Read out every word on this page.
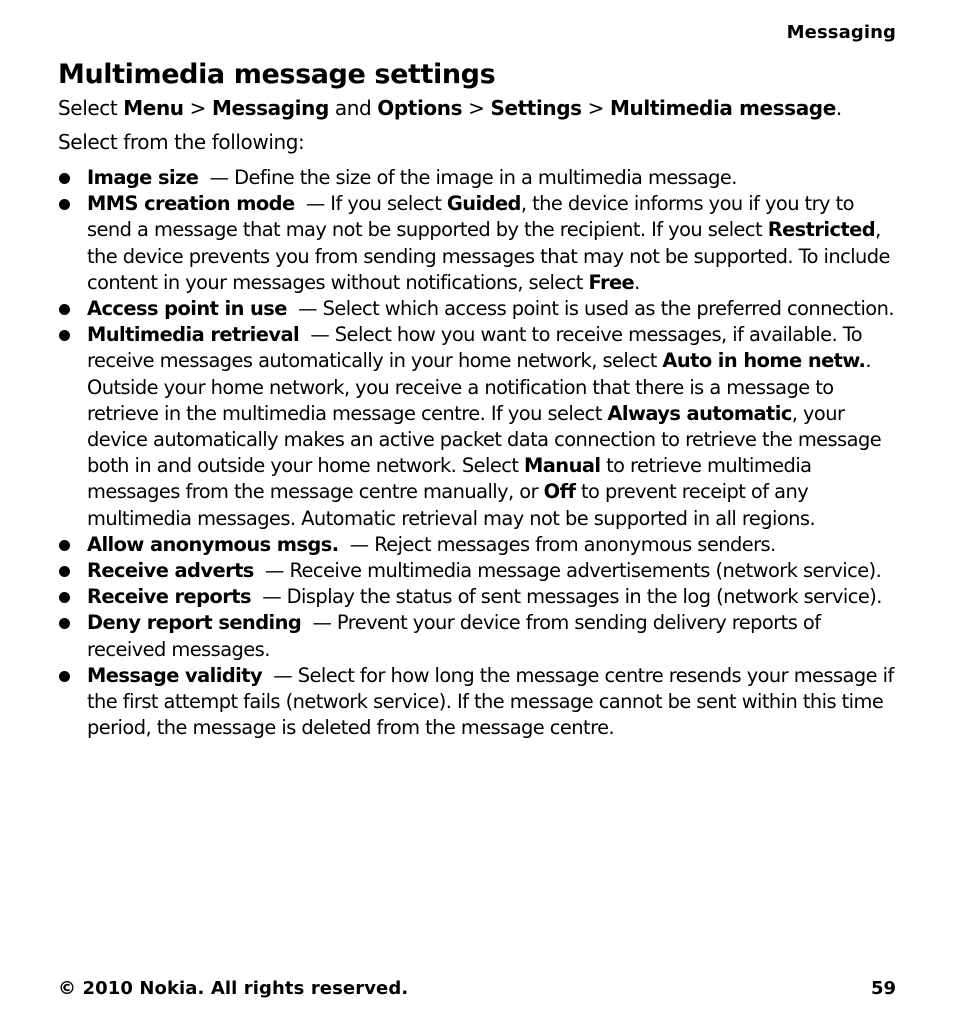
Messaging
Multimedia message settings

Select Menu > Messaging and Options > Settings > Multimedia message.

Select from the following:

Image size  — Define the size of the image in a multimedia message.
MMS creation mode  — If you select Guided, the device informs you if you try to send a message that may not be supported by the recipient. If you select Restricted, the device prevents you from sending messages that may not be supported. To include content in your messages without notifications, select Free.
Access point in use  — Select which access point is used as the preferred connection.
Multimedia retrieval  — Select how you want to receive messages, if available. To receive messages automatically in your home network, select Auto in home netw.. Outside your home network, you receive a notification that there is a message to retrieve in the multimedia message centre. If you select Always automatic, your device automatically makes an active packet data connection to retrieve the message both in and outside your home network. Select Manual to retrieve multimedia messages from the message centre manually, or Off to prevent receipt of any multimedia messages. Automatic retrieval may not be supported in all regions.
Allow anonymous msgs.  — Reject messages from anonymous senders.
Receive adverts  — Receive multimedia message advertisements (network service).
Receive reports  — Display the status of sent messages in the log (network service).
Deny report sending  — Prevent your device from sending delivery reports of received messages.
Message validity  — Select for how long the message centre resends your message if the first attempt fails (network service). If the message cannot be sent within this time period, the message is deleted from the message centre.
© 2010 Nokia. All rights reserved.	59
